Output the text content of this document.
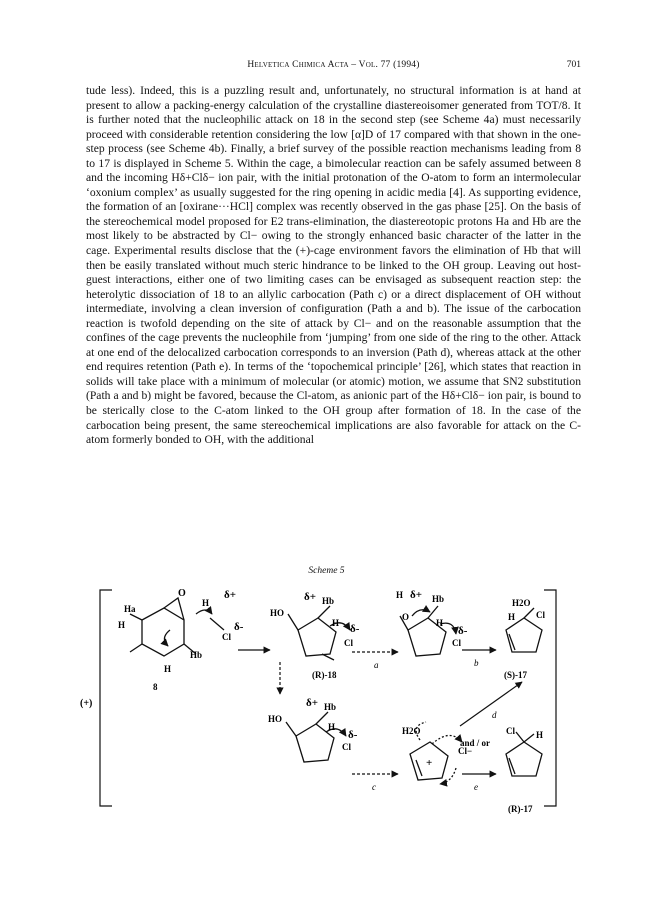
Helvetica Chimica Acta – Vol. 77 (1994)	701

tude less). Indeed, this is a puzzling result and, unfortunately, no structural information is at hand at present to allow a packing-energy calculation of the crystalline diastereoisomer generated from TOT/8. It is further noted that the nucleophilic attack on 18 in the second step (see Scheme 4a) must necessarily proceed with considerable retention considering the low [α]D of 17 compared with that shown in the one-step process (see Scheme 4b). Finally, a brief survey of the possible reaction mechanisms leading from 8 to 17 is displayed in Scheme 5. Within the cage, a bimolecular reaction can be safely assumed between 8 and the incoming Hδ+Clδ− ion pair, with the initial protonation of the O-atom to form an intermolecular ‘oxonium complex’ as usually suggested for the ring opening in acidic media [4]. As supporting evidence, the formation of an [oxirane···HCl] complex was recently observed in the gas phase [25]. On the basis of the stereochemical model proposed for E2 trans-elimination, the diastereotopic protons Ha and Hb are the most likely to be abstracted by Cl− owing to the strongly enhanced basic character of the latter in the cage. Experimental results disclose that the (+)-cage environment favors the elimination of Hb that will then be easily translated without much steric hindrance to be linked to the OH group. Leaving out host-guest interactions, either one of two limiting cases can be envisaged as subsequent reaction step: the heterolytic dissociation of 18 to an allylic carbocation (Path c) or a direct displacement of OH without intermediate, involving a clean inversion of configuration (Path a and b). The issue of the carbocation reaction is twofold depending on the site of attack by Cl− and on the reasonable assumption that the confines of the cage prevents the nucleophile from ‘jumping’ from one side of the ring to the other. Attack at one end of the delocalized carbocation corresponds to an inversion (Path d), whereas attack at the other end requires retention (Path e). In terms of the ‘topochemical principle’ [26], which states that reaction in solids will take place with a minimum of molecular (or atomic) motion, we assume that SN2 substitution (Path a and b) might be favored, because the Cl-atom, as anionic part of the Hδ+Clδ− ion pair, is bound to be sterically close to the C-atom linked to the OH group after formation of 18. In the case of the carbocation being present, the same stereochemical implications are also favorable for attack on the C-atom formerly bonded to OH, with the additional

Scheme 5
(+)
Ha
O
H
δ+
Cl
δ-
H
Hb
H
8
δ+ Hb
HO
H
Cl
δ-
(R)-18
a
H δ+ Hb
O
H
Cl
δ-
b
H2O
H Cl
(S)-17
δ+ Hb
HO
H
Cl
δ-
c
H2O
+
Cl−
d
and / or
e
Cl H
(R)-17
